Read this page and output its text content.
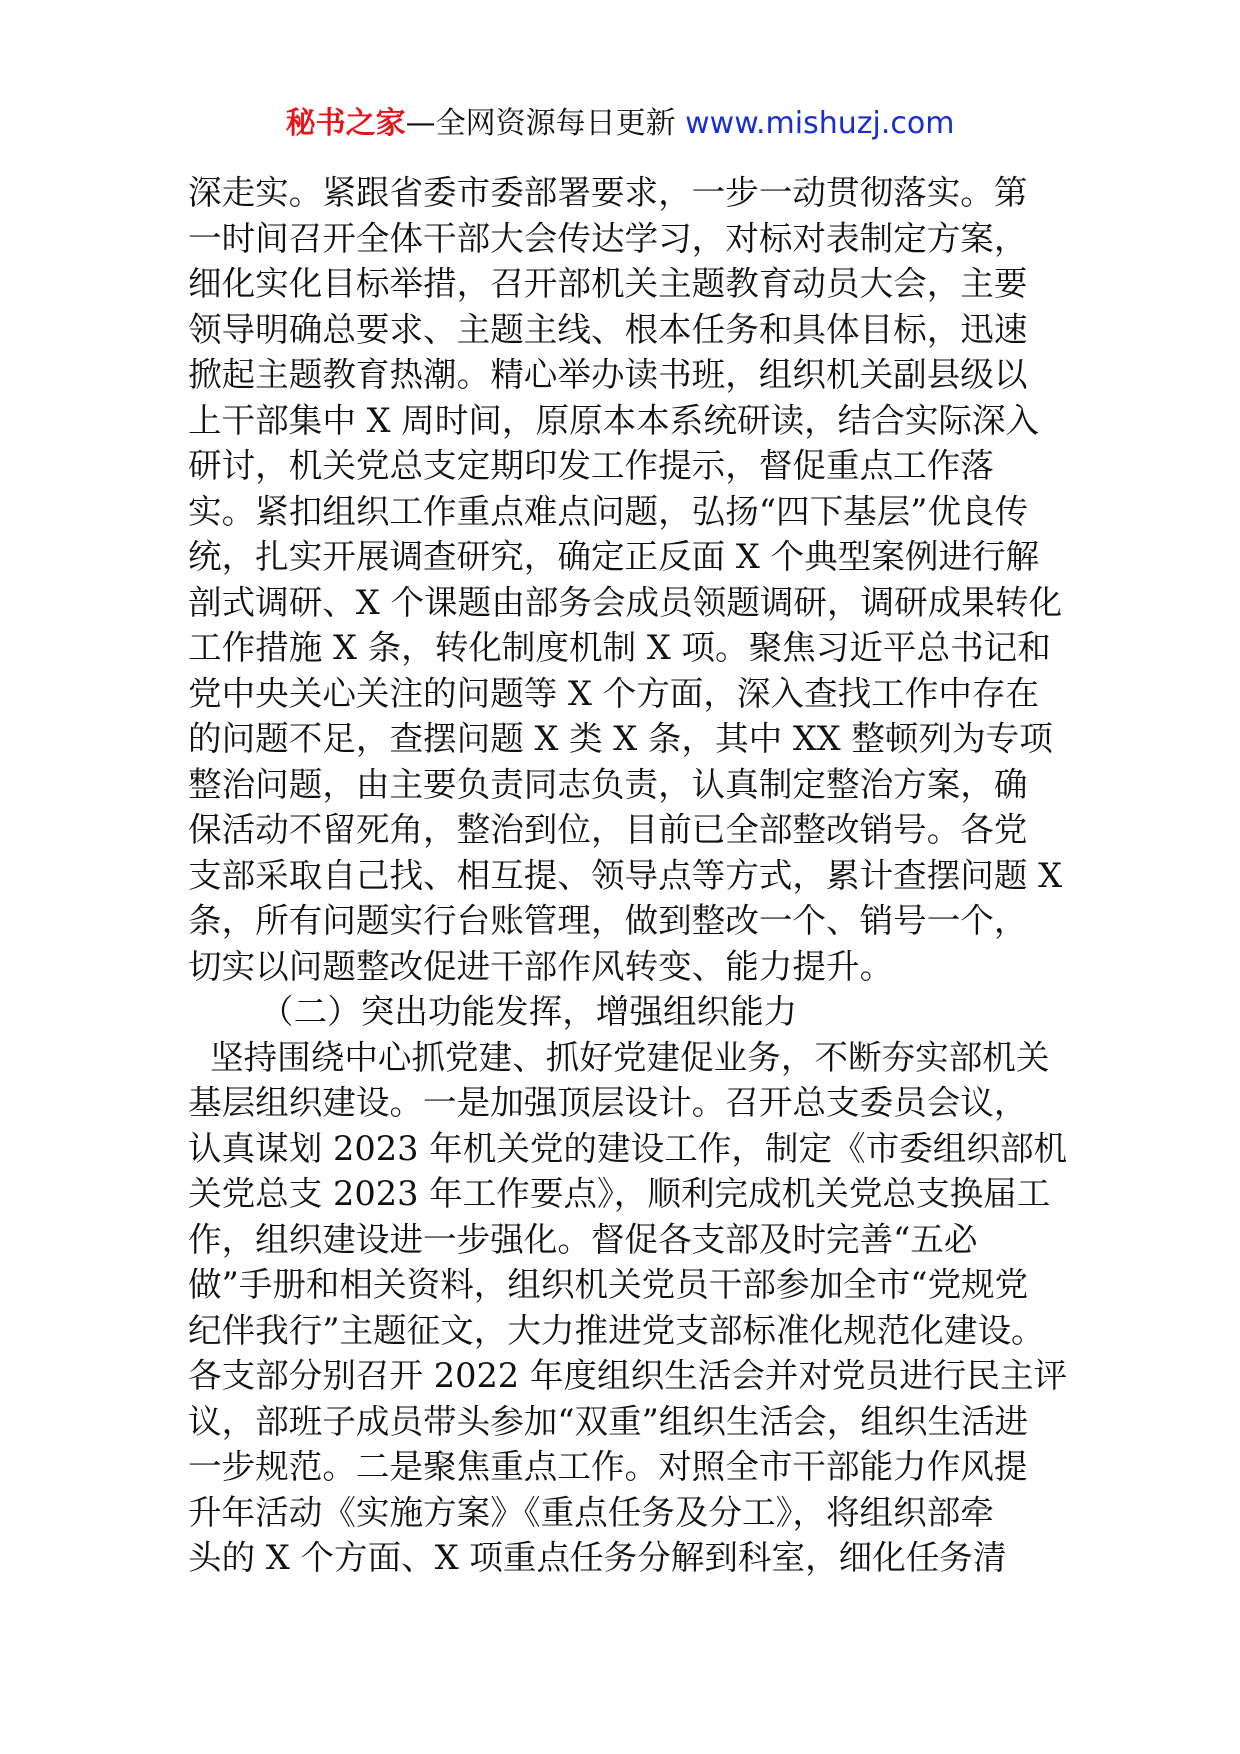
秘书之家—全网资源每日更新 www.mishuzj.com
深走实。紧跟省委市委部署要求，一步一动贯彻落实。第
一时间召开全体干部大会传达学习，对标对表制定方案，
细化实化目标举措，召开部机关主题教育动员大会，主要
领导明确总要求、主题主线、根本任务和具体目标，迅速
掀起主题教育热潮。精心举办读书班，组织机关副县级以
上干部集中 X 周时间，原原本本系统研读，结合实际深入
研讨，机关党总支定期印发工作提示，督促重点工作落
实。紧扣组织工作重点难点问题，弘扬“四下基层”优良传
统，扎实开展调查研究，确定正反面 X 个典型案例进行解
剖式调研、X 个课题由部务会成员领题调研，调研成果转化
工作措施 X 条，转化制度机制 X 项。聚焦习近平总书记和
党中央关心关注的问题等 X 个方面，深入查找工作中存在
的问题不足，查摆问题 X 类 X 条，其中 XX 整顿列为专项
整治问题，由主要负责同志负责，认真制定整治方案，确
保活动不留死角，整治到位，目前已全部整改销号。各党
支部采取自己找、相互提、领导点等方式，累计查摆问题 X
条，所有问题实行台账管理，做到整改一个、销号一个，
切实以问题整改促进干部作风转变、能力提升。
（二）突出功能发挥，增强组织能力
坚持围绕中心抓党建、抓好党建促业务，不断夯实部机关
基层组织建设。一是加强顶层设计。召开总支委员会议，
认真谋划 2023 年机关党的建设工作，制定《市委组织部机
关党总支 2023 年工作要点》，顺利完成机关党总支换届工
作，组织建设进一步强化。督促各支部及时完善“五必
做”手册和相关资料，组织机关党员干部参加全市“党规党
纪伴我行”主题征文，大力推进党支部标准化规范化建设。
各支部分别召开 2022 年度组织生活会并对党员进行民主评
议，部班子成员带头参加“双重”组织生活会，组织生活进
一步规范。二是聚焦重点工作。对照全市干部能力作风提
升年活动《实施方案》《重点任务及分工》，将组织部牵
头的 X 个方面、X 项重点任务分解到科室，细化任务清
